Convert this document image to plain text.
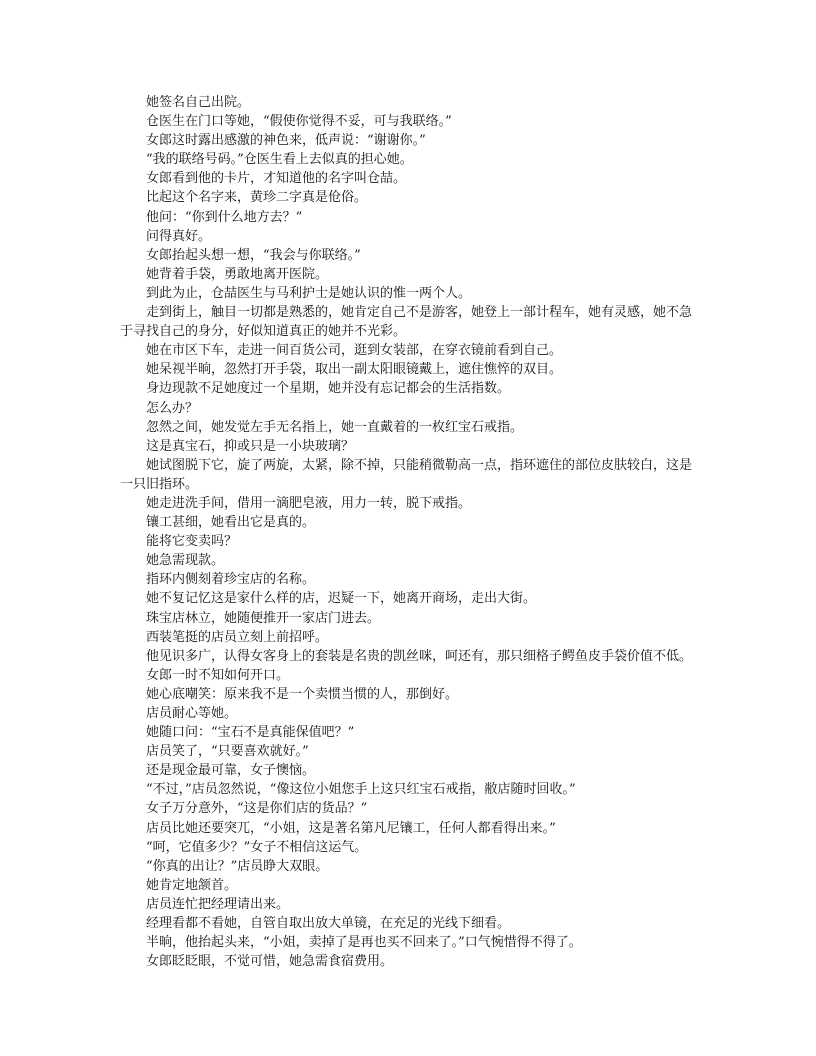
她签名自己出院。

仓医生在门口等她，“假使你觉得不妥，可与我联络。”

女郎这时露出感激的神色来，低声说：“谢谢你。”

“我的联络号码。”仓医生看上去似真的担心她。

女郎看到他的卡片，才知道他的名字叫仓喆。

比起这个名字来，黄珍二字真是伧俗。

他问：“你到什么地方去？”

问得真好。

女郎抬起头想一想，“我会与你联络。”

她背着手袋，勇敢地离开医院。

到此为止，仓喆医生与马利护士是她认识的惟一两个人。

走到街上，触目一切都是熟悉的，她肯定自己不是游客，她登上一部计程车，她有灵感，她不急于寻找自己的身分，好似知道真正的她并不光彩。

她在市区下车，走进一间百货公司，逛到女装部，在穿衣镜前看到自己。

她呆视半晌，忽然打开手袋，取出一副太阳眼镜戴上，遮住憔悴的双目。

身边现款不足她度过一个星期，她并没有忘记都会的生活指数。

怎么办？

忽然之间，她发觉左手无名指上，她一直戴着的一枚红宝石戒指。

这是真宝石，抑或只是一小块玻璃？

她试图脱下它，旋了两旋，太紧，除不掉，只能稍微勒高一点，指环遮住的部位皮肤较白，这是一只旧指环。

她走进洗手间，借用一滴肥皂液，用力一转，脱下戒指。

镶工甚细，她看出它是真的。

能将它变卖吗？

她急需现款。

指环内侧刻着珍宝店的名称。

她不复记忆这是家什么样的店，迟疑一下，她离开商场，走出大街。

珠宝店林立，她随便推开一家店门进去。

西装笔挺的店员立刻上前招呼。

他见识多广，认得女客身上的套装是名贵的凯丝咪，呵还有，那只细格子鳄鱼皮手袋价值不低。

女郎一时不知如何开口。

她心底嘲笑：原来我不是一个卖惯当惯的人，那倒好。

店员耐心等她。

她随口问：“宝石不是真能保值吧？”

店员笑了，“只要喜欢就好。”

还是现金最可靠，女子懊恼。

“不过，”店员忽然说，“像这位小姐您手上这只红宝石戒指，敝店随时回收。”

女子万分意外，“这是你们店的货品？”

店员比她还要突兀，“小姐，这是著名第凡尼镶工，任何人都看得出来。”

“呵，它值多少？”女子不相信这运气。

“你真的出让？”店员睁大双眼。

她肯定地颔首。

店员连忙把经理请出来。

经理看都不看她，自管自取出放大单镜，在充足的光线下细看。

半晌，他抬起头来，“小姐，卖掉了是再也买不回来了。”口气惋惜得不得了。

女郎眨眨眼，不觉可惜，她急需食宿费用。
